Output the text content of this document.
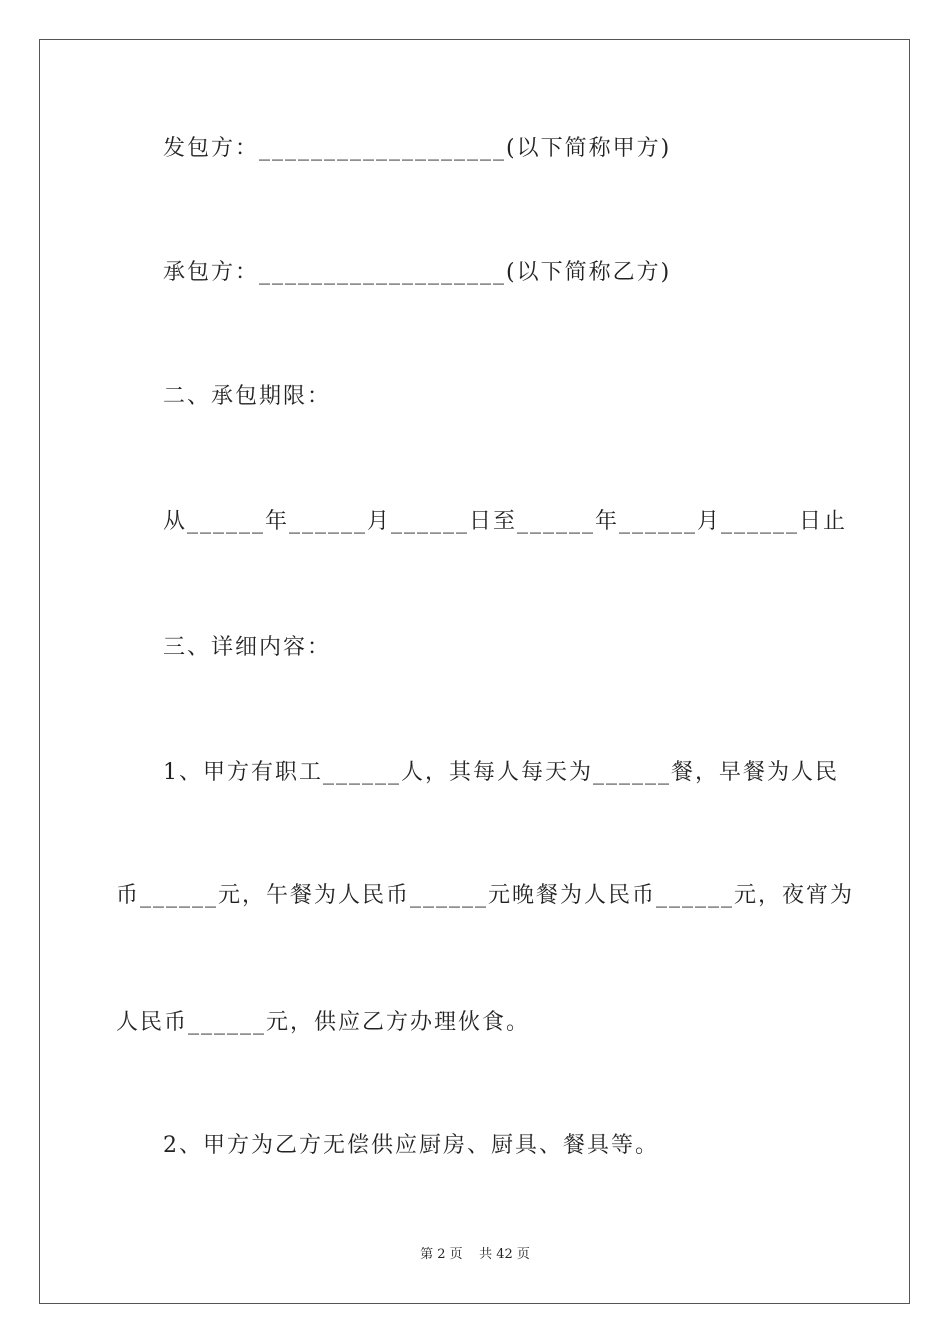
发包方：___________________(以下简称甲方)
承包方：___________________(以下简称乙方)
二、承包期限：
从______年______月______日至______年______月______日止
三、详细内容：
1、甲方有职工______人，其每人每天为______餐，早餐为人民
币______元，午餐为人民币______元晚餐为人民币______元，夜宵为
人民币______元，供应乙方办理伙食。
2、甲方为乙方无偿供应厨房、厨具、餐具等。
第 2 页    共 42 页
